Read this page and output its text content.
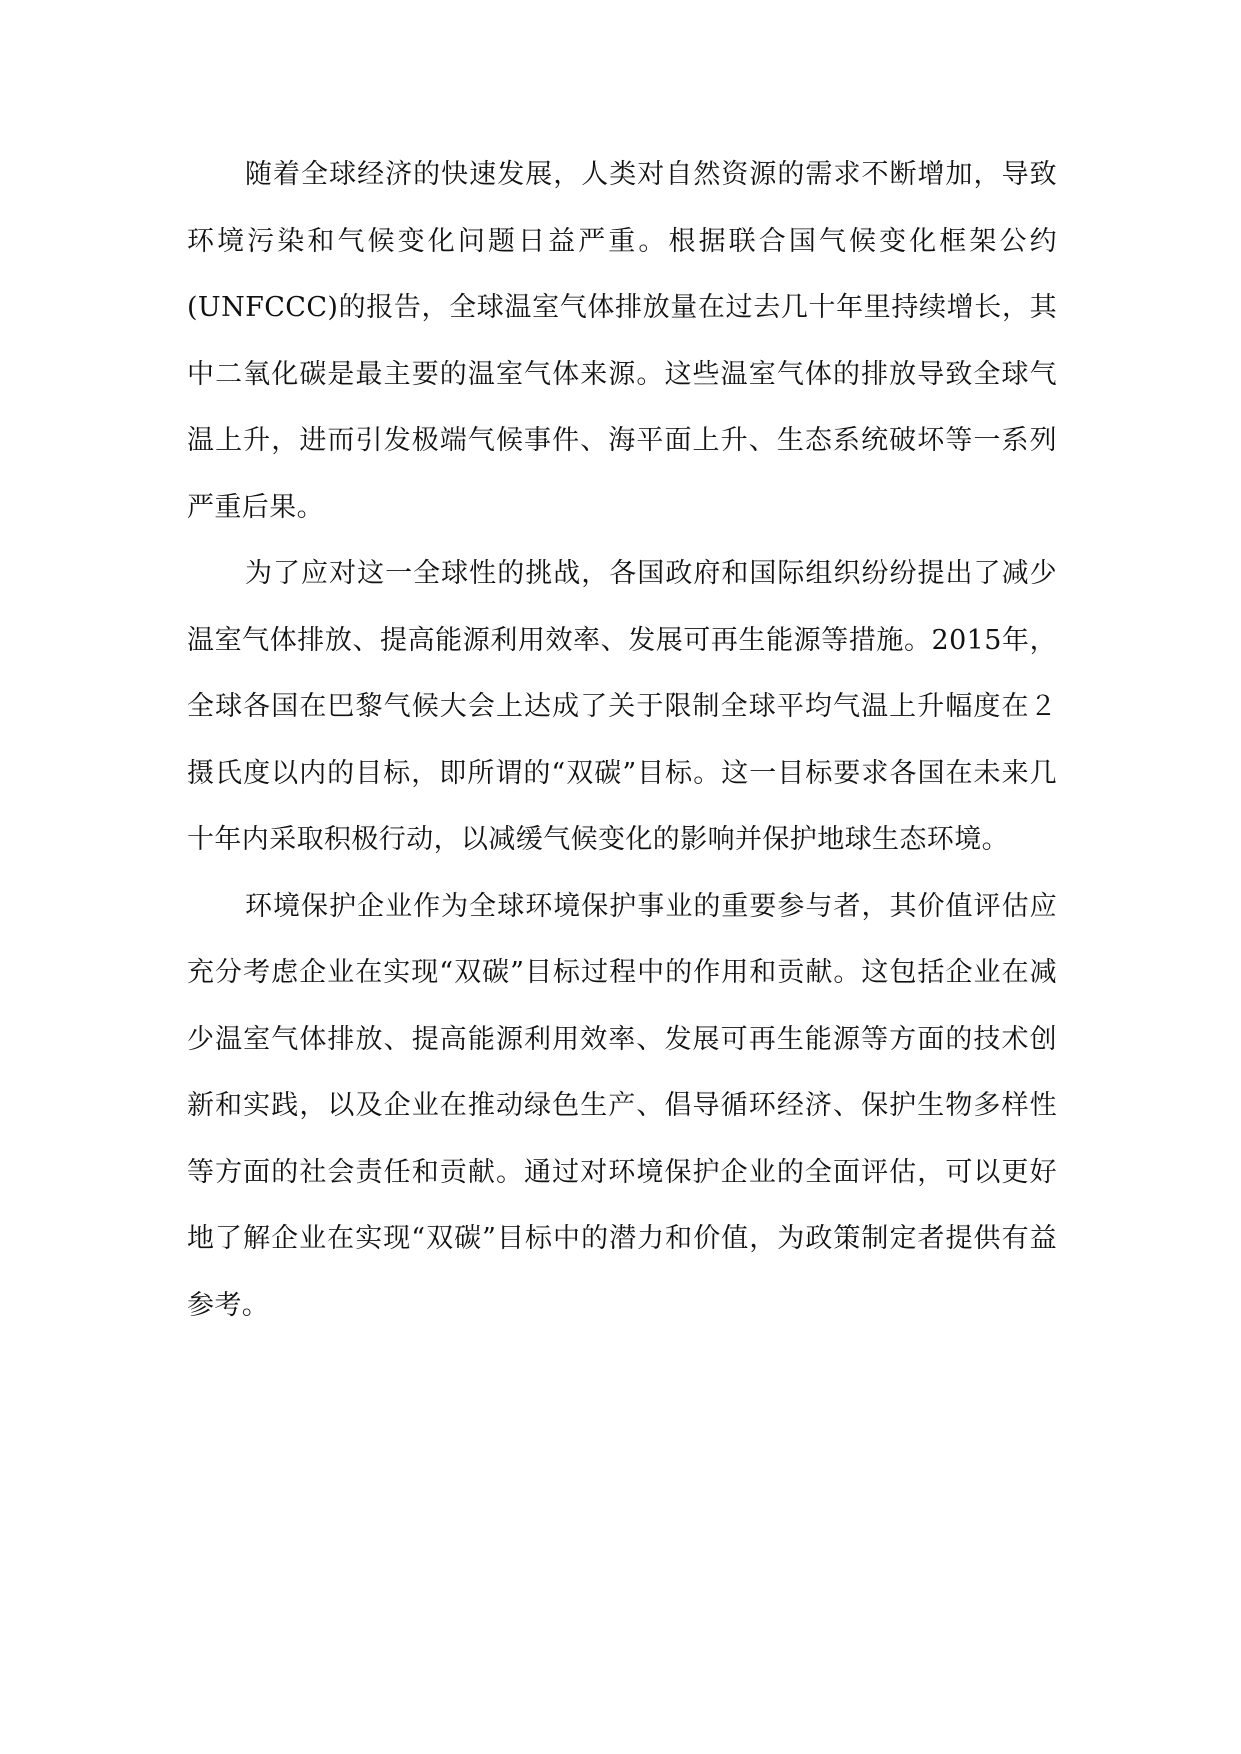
随着全球经济的快速发展，人类对自然资源的需求不断增加，导致环境污染和气候变化问题日益严重。根据联合国气候变化框架公约(UNFCCC)的报告，全球温室气体排放量在过去几十年里持续增长，其中二氧化碳是最主要的温室气体来源。这些温室气体的排放导致全球气温上升，进而引发极端气候事件、海平面上升、生态系统破坏等一系列严重后果。

为了应对这一全球性的挑战，各国政府和国际组织纷纷提出了减少温室气体排放、提高能源利用效率、发展可再生能源等措施。2015年，全球各国在巴黎气候大会上达成了关于限制全球平均气温上升幅度在２摄氏度以内的目标，即所谓的“双碳”目标。这一目标要求各国在未来几十年内采取积极行动，以减缓气候变化的影响并保护地球生态环境。

环境保护企业作为全球环境保护事业的重要参与者，其价值评估应充分考虑企业在实现“双碳”目标过程中的作用和贡献。这包括企业在减少温室气体排放、提高能源利用效率、发展可再生能源等方面的技术创新和实践，以及企业在推动绿色生产、倡导循环经济、保护生物多样性等方面的社会责任和贡献。通过对环境保护企业的全面评估，可以更好地了解企业在实现“双碳”目标中的潜力和价值，为政策制定者提供有益参考。
